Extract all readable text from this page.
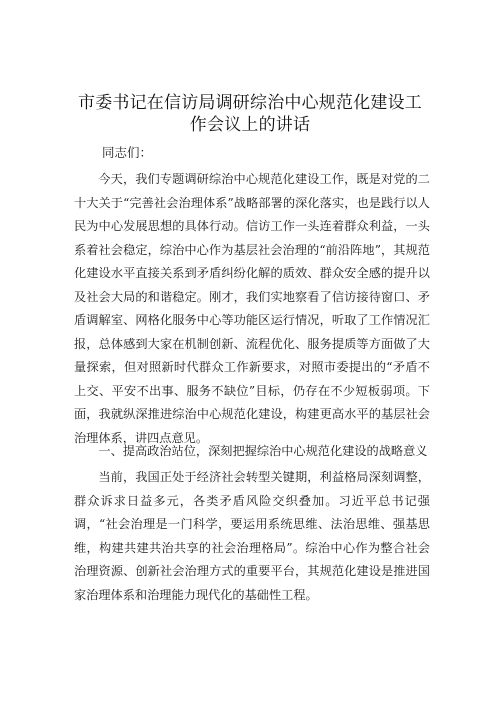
市委书记在信访局调研综治中心规范化建设工
作会议上的讲话
同志们：

今天，我们专题调研综治中心规范化建设工作，既是对党的二十大关于“完善社会治理体系”战略部署的深化落实，也是践行以人民为中心发展思想的具体行动。信访工作一头连着群众利益，一头系着社会稳定，综治中心作为基层社会治理的“前沿阵地”，其规范化建设水平直接关系到矛盾纠纷化解的质效、群众安全感的提升以及社会大局的和谐稳定。刚才，我们实地察看了信访接待窗口、矛盾调解室、网格化服务中心等功能区运行情况，听取了工作情况汇报，总体感到大家在机制创新、流程优化、服务提质等方面做了大量探索，但对照新时代群众工作新要求，对照市委提出的“矛盾不上交、平安不出事、服务不缺位”目标，仍存在不少短板弱项。下面，我就纵深推进综治中心规范化建设，构建更高水平的基层社会治理体系，讲四点意见。

一、提高政治站位，深刻把握综治中心规范化建设的战略意义

当前，我国正处于经济社会转型关键期，利益格局深刻调整，群众诉求日益多元，各类矛盾风险交织叠加。习近平总书记强调，“社会治理是一门科学，要运用系统思维、法治思维、强基思维，构建共建共治共享的社会治理格局”。综治中心作为整合社会治理资源、创新社会治理方式的重要平台，其规范化建设是推进国家治理体系和治理能力现代化的基础性工程。
